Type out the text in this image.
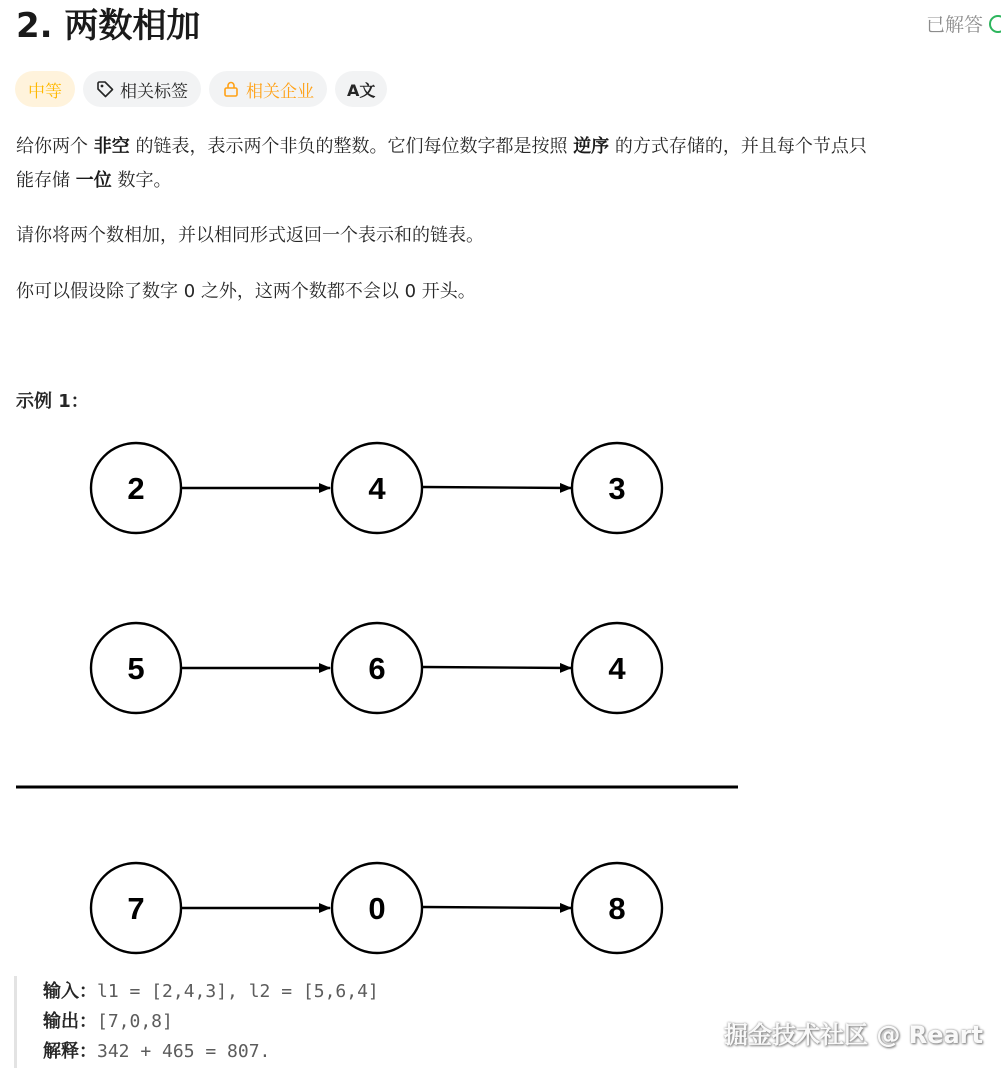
2. 两数相加	已解答
中等	相关标签	相关企业 A文

给你两个 非空 的链表，表示两个非负的整数。它们每位数字都是按照 逆序 的方式存储的，并且每个节点只

能存储 一位 数字。

请你将两个数相加，并以相同形式返回一个表示和的链表。

你可以假设除了数字 0 之外，这两个数都不会以 0 开头。

示例 1：

2	4	3
5	6	4
7	0	8
输入：l1 = [2,4,3], l2 = [5,6,4]
输出：[7,0,8]
解释：342 + 465 = 807.
掘金技术社区 @ Reart
